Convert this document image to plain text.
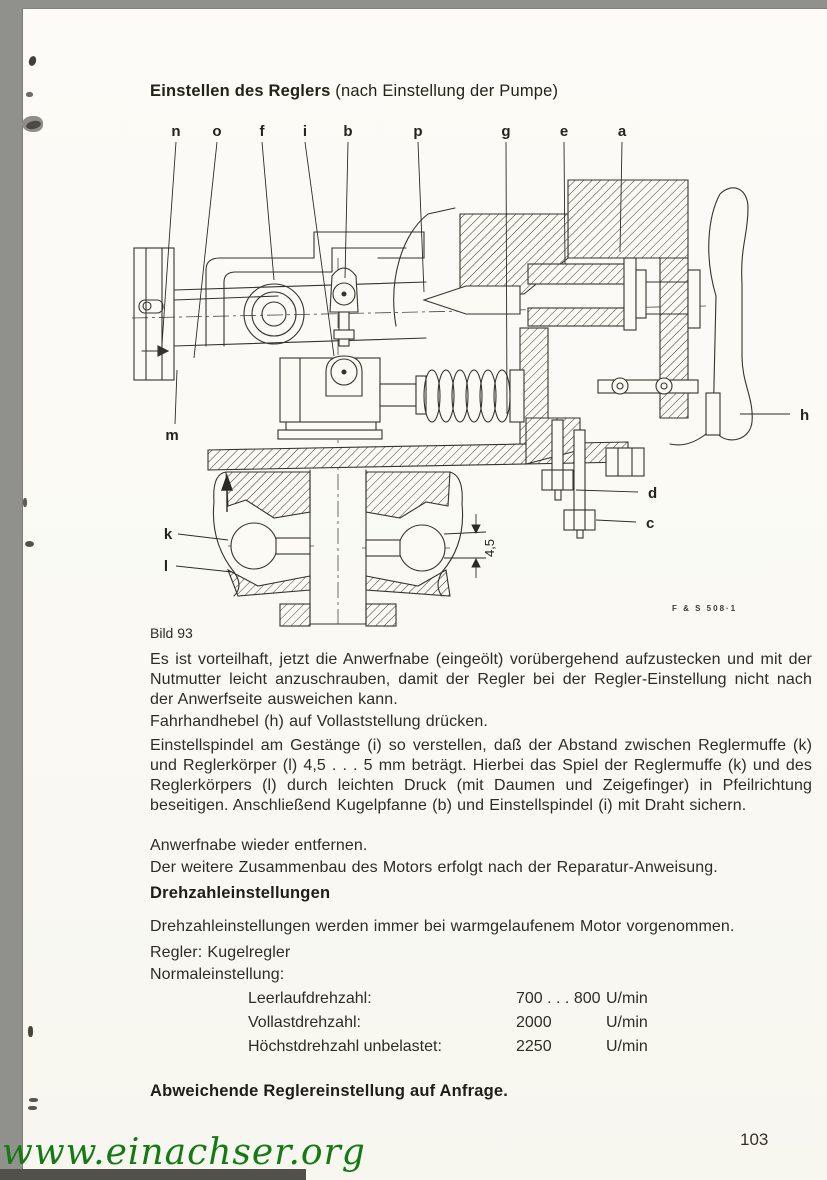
Einstellen des Reglers (nach Einstellung der Pumpe)
4,5
n o	f	i b	p	g	e	a
h
m
k
l
d
c
F & S 508·1
Bild 93
Es ist vorteilhaft, jetzt die Anwerfnabe (eingeölt) vorübergehend aufzustecken und mit der Nutmutter leicht anzuschrauben, damit der Regler bei der Regler-Einstellung nicht nach der Anwerfseite ausweichen kann.
Fahrhandhebel (h) auf Vollaststellung drücken.
Einstellspindel am Gestänge (i) so verstellen, daß der Abstand zwischen Reglermuffe (k) und Reglerkörper (l) 4,5 . . . 5 mm beträgt. Hierbei das Spiel der Reglermuffe (k) und des Reglerkörpers (l) durch leichten Druck (mit Daumen und Zeigefinger) in Pfeilrichtung beseitigen. Anschließend Kugelpfanne (b) und Einstellspindel (i) mit Draht sichern.
Anwerfnabe wieder entfernen.
Der weitere Zusammenbau des Motors erfolgt nach der Reparatur-Anweisung.
Drehzahleinstellungen
Drehzahleinstellungen werden immer bei warmgelaufenem Motor vorgenommen.
Regler: Kugelregler
Normaleinstellung:
Leerlaufdrehzahl:	700 . . . 800 U/min
Vollastdrehzahl:	2000	U/min
Höchstdrehzahl unbelastet:	2250	U/min
Abweichende Reglereinstellung auf Anfrage.
103
www.einachser.org
